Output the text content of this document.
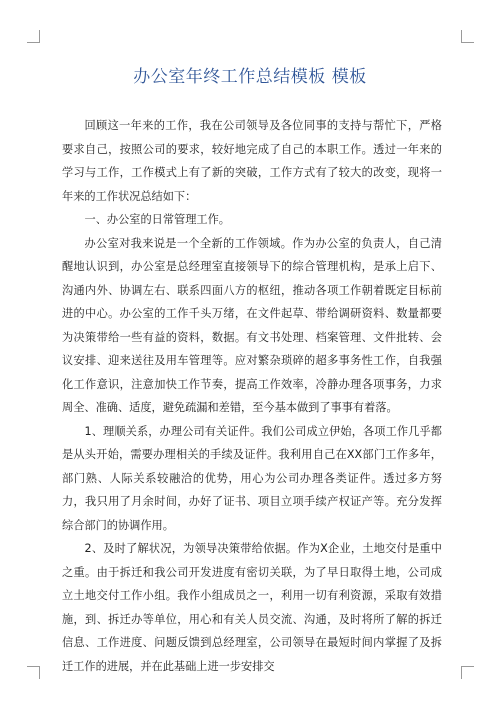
办公室年终工作总结模板 模板

回顾这一年来的工作，我在公司领导及各位同事的支持与帮忙下，严格要求自己，按照公司的要求，较好地完成了自己的本职工作。透过一年来的学习与工作，工作模式上有了新的突破，工作方式有了较大的改变，现将一年来的工作状况总结如下：

一、办公室的日常管理工作。

办公室对我来说是一个全新的工作领域。作为办公室的负责人，自己清醒地认识到，办公室是总经理室直接领导下的综合管理机构，是承上启下、沟通内外、协调左右、联系四面八方的枢纽，推动各项工作朝着既定目标前进的中心。办公室的工作千头万绪，在文件起草、带给调研资料、数量都要为决策带给一些有益的资料，数据。有文书处理、档案管理、文件批转、会议安排、迎来送往及用车管理等。应对繁杂琐碎的超多事务性工作，自我强化工作意识，注意加快工作节奏，提高工作效率，冷静办理各项事务，力求周全、准确、适度，避免疏漏和差错，至今基本做到了事事有着落。

1、理顺关系，办理公司有关证件。我们公司成立伊始，各项工作几乎都是从头开始，需要办理相关的手续及证件。我利用自己在XX部门工作多年，部门熟、人际关系较融洽的优势，用心为公司办理各类证件。透过多方努力，我只用了月余时间，办好了证书、项目立项手续产权证产等。充分发挥综合部门的协调作用。

2、及时了解状况，为领导决策带给依据。作为X企业，土地交付是重中之重。由于拆迁和我公司开发进度有密切关联，为了早日取得土地，公司成立土地交付工作小组。我作小组成员之一，利用一切有利资源，采取有效措施，到、拆迁办等单位，用心和有关人员交流、沟通，及时将所了解的拆迁信息、工作进度、问题反馈到总经理室，公司领导在最短时间内掌握了及拆迁工作的进展，并在此基础上进一步安排交
